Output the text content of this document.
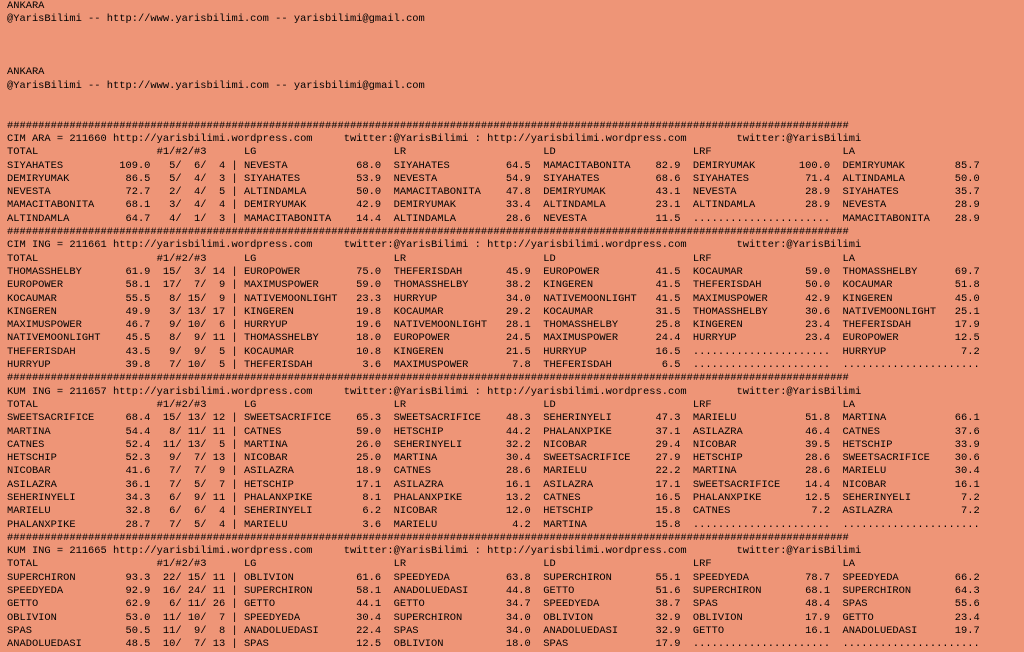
ANKARA
@YarisBilimi -- http://www.yarisbilimi.com -- yarisbilimi@gmail.com

ANKARA
@YarisBilimi -- http://www.yarisbilimi.com -- yarisbilimi@gmail.com

#######################################################################################################################################
CIM ARA = 211660 http://yarisbilimi.wordpress.com     twitter:@YarisBilimi : http://yarisbilimi.wordpress.com        twitter:@YarisBilimi
TOTAL                   #1/#2/#3      LG                      LR                      LD                      LRF                     LA
SIYAHATES         109.0   5/  6/  4 | NEVESTA           68.0  SIYAHATES         64.5  MAMACITABONITA    82.9  DEMIRYUMAK       100.0  DEMIRYUMAK        85.7
DEMIRYUMAK         86.5   5/  4/  3 | SIYAHATES         53.9  NEVESTA           54.9  SIYAHATES         68.6  SIYAHATES         71.4  ALTINDAMLA        50.0
NEVESTA            72.7   2/  4/  5 | ALTINDAMLA        50.0  MAMACITABONITA    47.8  DEMIRYUMAK        43.1  NEVESTA           28.9  SIYAHATES         35.7
MAMACITABONITA     68.1   3/  4/  4 | DEMIRYUMAK        42.9  DEMIRYUMAK        33.4  ALTINDAMLA        23.1  ALTINDAMLA        28.9  NEVESTA           28.9
ALTINDAMLA         64.7   4/  1/  3 | MAMACITABONITA    14.4  ALTINDAMLA        28.6  NEVESTA           11.5  ......................  MAMACITABONITA    28.9
#######################################################################################################################################
CIM ING = 211661 http://yarisbilimi.wordpress.com     twitter:@YarisBilimi : http://yarisbilimi.wordpress.com        twitter:@YarisBilimi
TOTAL                   #1/#2/#3      LG                      LR                      LD                      LRF                     LA
THOMASSHELBY       61.9  15/  3/ 14 | EUROPOWER         75.0  THEFERISDAH       45.9  EUROPOWER         41.5  KOCAUMAR          59.0  THOMASSHELBY      69.7
EUROPOWER          58.1  17/  7/  9 | MAXIMUSPOWER      59.0  THOMASSHELBY      38.2  KINGEREN          41.5  THEFERISDAH       50.0  KOCAUMAR          51.8
KOCAUMAR           55.5   8/ 15/  9 | NATIVEMOONLIGHT   23.3  HURRYUP           34.0  NATIVEMOONLIGHT   41.5  MAXIMUSPOWER      42.9  KINGEREN          45.0
KINGEREN           49.9   3/ 13/ 17 | KINGEREN          19.8  KOCAUMAR          29.2  KOCAUMAR          31.5  THOMASSHELBY      30.6  NATIVEMOONLIGHT   25.1
MAXIMUSPOWER       46.7   9/ 10/  6 | HURRYUP           19.6  NATIVEMOONLIGHT   28.1  THOMASSHELBY      25.8  KINGEREN          23.4  THEFERISDAH       17.9
NATIVEMOONLIGHT    45.5   8/  9/ 11 | THOMASSHELBY      18.0  EUROPOWER         24.5  MAXIMUSPOWER      24.4  HURRYUP           23.4  EUROPOWER         12.5
THEFERISDAH        43.5   9/  9/  5 | KOCAUMAR          10.8  KINGEREN          21.5  HURRYUP           16.5  ......................  HURRYUP            7.2
HURRYUP            39.8   7/ 10/  5 | THEFERISDAH        3.6  MAXIMUSPOWER       7.8  THEFERISDAH        6.5  ......................  ......................
#######################################################################################################################################
KUM ING = 211657 http://yarisbilimi.wordpress.com     twitter:@YarisBilimi : http://yarisbilimi.wordpress.com        twitter:@YarisBilimi
TOTAL                   #1/#2/#3      LG                      LR                      LD                      LRF                     LA
SWEETSACRIFICE     68.4  15/ 13/ 12 | SWEETSACRIFICE    65.3  SWEETSACRIFICE    48.3  SEHERINYELI       47.3  MARIELU           51.8  MARTINA           66.1
MARTINA            54.4   8/ 11/ 11 | CATNES            59.0  HETSCHIP          44.2  PHALANXPIKE       37.1  ASILAZRA          46.4  CATNES            37.6
CATNES             52.4  11/ 13/  5 | MARTINA           26.0  SEHERINYELI       32.2  NICOBAR           29.4  NICOBAR           39.5  HETSCHIP          33.9
HETSCHIP           52.3   9/  7/ 13 | NICOBAR           25.0  MARTINA           30.4  SWEETSACRIFICE    27.9  HETSCHIP          28.6  SWEETSACRIFICE    30.6
NICOBAR            41.6   7/  7/  9 | ASILAZRA          18.9  CATNES            28.6  MARIELU           22.2  MARTINA           28.6  MARIELU           30.4
ASILAZRA           36.1   7/  5/  7 | HETSCHIP          17.1  ASILAZRA          16.1  ASILAZRA          17.1  SWEETSACRIFICE    14.4  NICOBAR           16.1
SEHERINYELI        34.3   6/  9/ 11 | PHALANXPIKE        8.1  PHALANXPIKE       13.2  CATNES            16.5  PHALANXPIKE       12.5  SEHERINYELI        7.2
MARIELU            32.8   6/  6/  4 | SEHERINYELI        6.2  NICOBAR           12.0  HETSCHIP          15.8  CATNES             7.2  ASILAZRA           7.2
PHALANXPIKE        28.7   7/  5/  4 | MARIELU            3.6  MARIELU            4.2  MARTINA           15.8  ......................  ......................
#######################################################################################################################################
KUM ING = 211665 http://yarisbilimi.wordpress.com     twitter:@YarisBilimi : http://yarisbilimi.wordpress.com        twitter:@YarisBilimi
TOTAL                   #1/#2/#3      LG                      LR                      LD                      LRF                     LA
SUPERCHIRON        93.3  22/ 15/ 11 | OBLIVION          61.6  SPEEDYEDA         63.8  SUPERCHIRON       55.1  SPEEDYEDA         78.7  SPEEDYEDA         66.2
SPEEDYEDA          92.9  16/ 24/ 11 | SUPERCHIRON       58.1  ANADOLUEDASI      44.8  GETTO             51.6  SUPERCHIRON       68.1  SUPERCHIRON       64.3
GETTO              62.9   6/ 11/ 26 | GETTO             44.1  GETTO             34.7  SPEEDYEDA         38.7  SPAS              48.4  SPAS              55.6
OBLIVION           53.0  11/ 10/  7 | SPEEDYEDA         30.4  SUPERCHIRON       34.0  OBLIVION          32.9  OBLIVION          17.9  GETTO             23.4
SPAS               50.5  11/  9/  8 | ANADOLUEDASI      22.4  SPAS              34.0  ANADOLUEDASI      32.9  GETTO             16.1  ANADOLUEDASI      19.7
ANADOLUEDASI       48.5  10/  7/ 13 | SPAS              12.5  OBLIVION          18.0  SPAS              17.9  ......................  ......................
